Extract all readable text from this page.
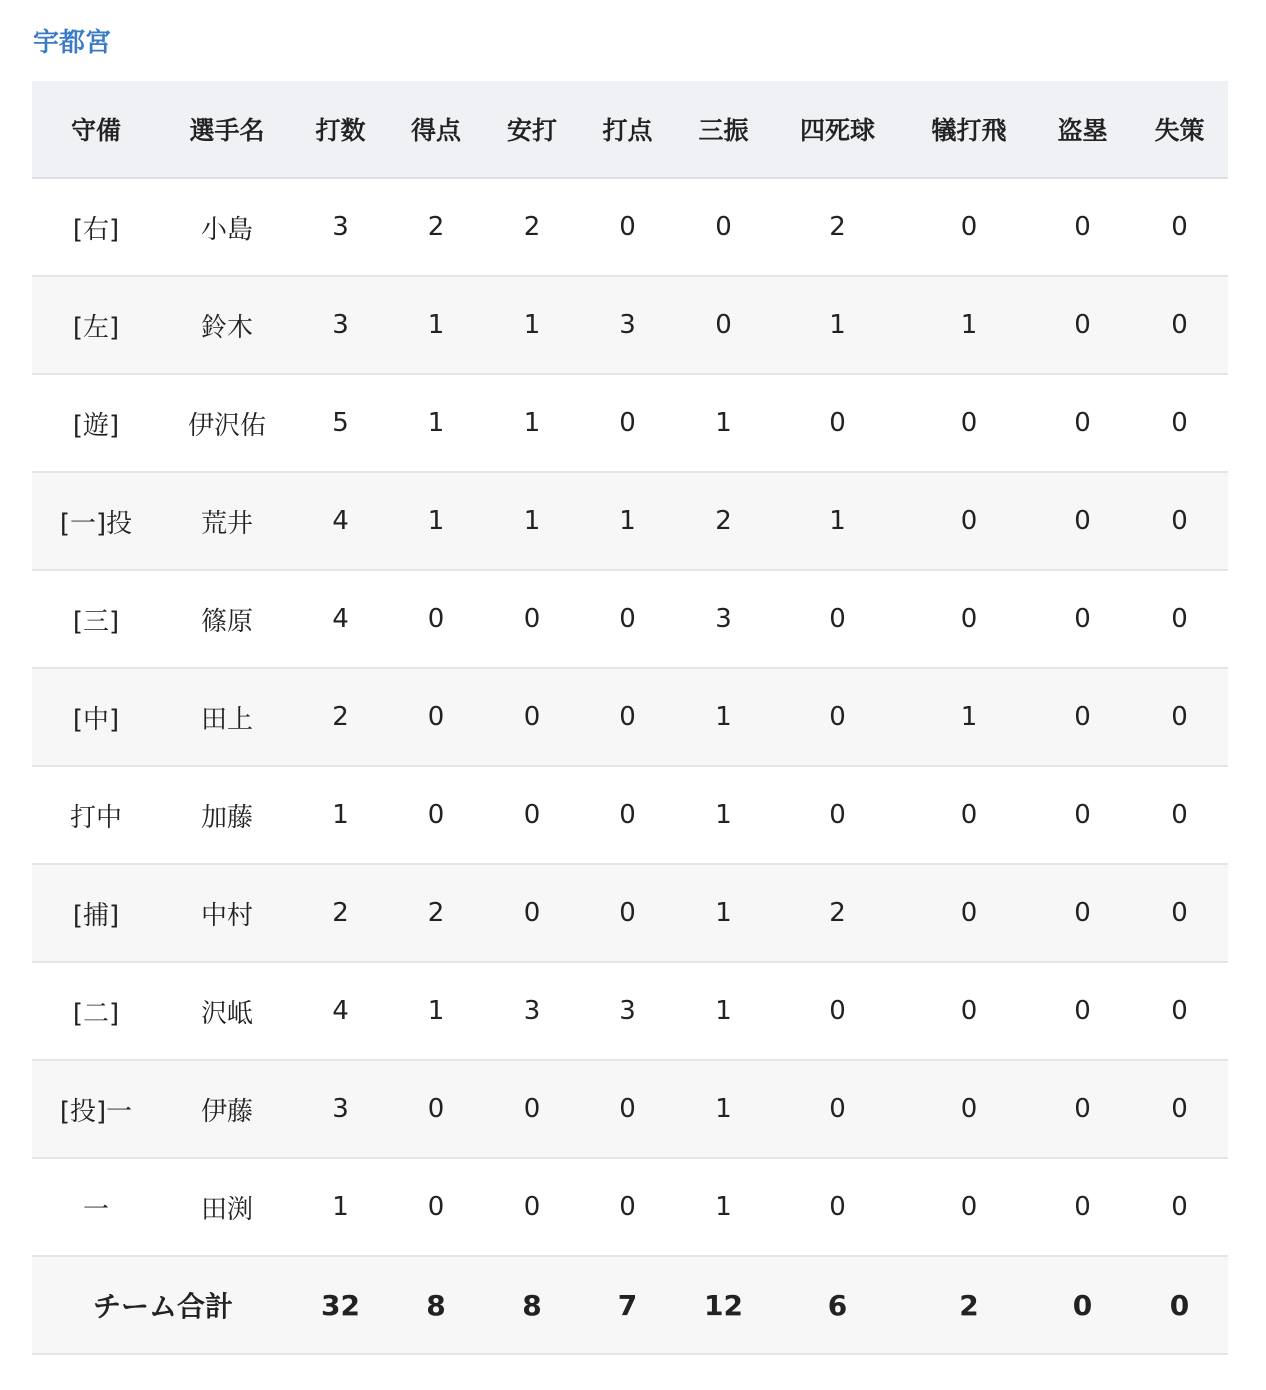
宇都宮
守備	選手名	打数	得点	安打	打点	三振	四死球	犠打飛	盗塁	失策
[右]	小島	3	2	2	0	0	2	0	0	0
[左]	鈴木	3	1	1	3	0	1	1	0	0
[遊]	伊沢佑	5	1	1	0	1	0	0	0	0
[一]投	荒井	4	1	1	1	2	1	0	0	0
[三]	篠原	4	0	0	0	3	0	0	0	0
[中]	田上	2	0	0	0	1	0	1	0	0
打中	加藤	1	0	0	0	1	0	0	0	0
[捕]	中村	2	2	0	0	1	2	0	0	0
[二]	沢岻	4	1	3	3	1	0	0	0	0
[投]一	伊藤	3	0	0	0	1	0	0	0	0
一	田渕	1	0	0	0	1	0	0	0	0
チーム合計		32	8	8	7	12	6	2	0	0
